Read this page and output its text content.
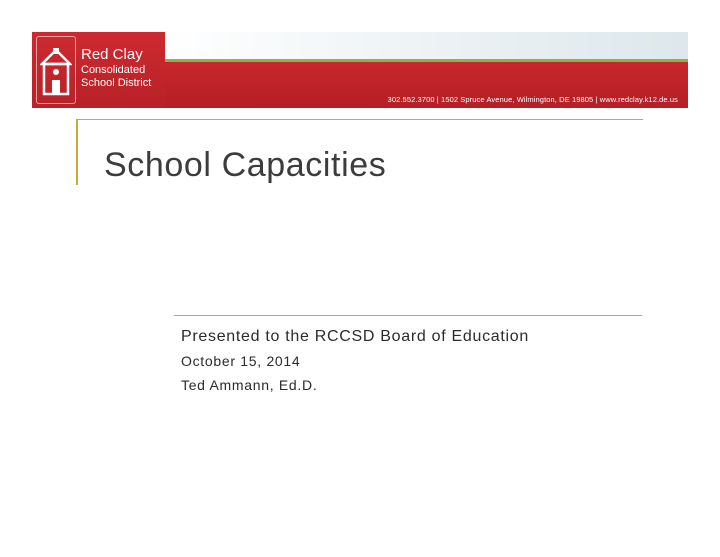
Red Clay
Consolidated
School District
302.552.3700 | 1502 Spruce Avenue, Wilmington, DE 19805 | www.redclay.k12.de.us
School Capacities
Presented to the RCCSD Board of Education
October 15, 2014
Ted Ammann, Ed.D.
